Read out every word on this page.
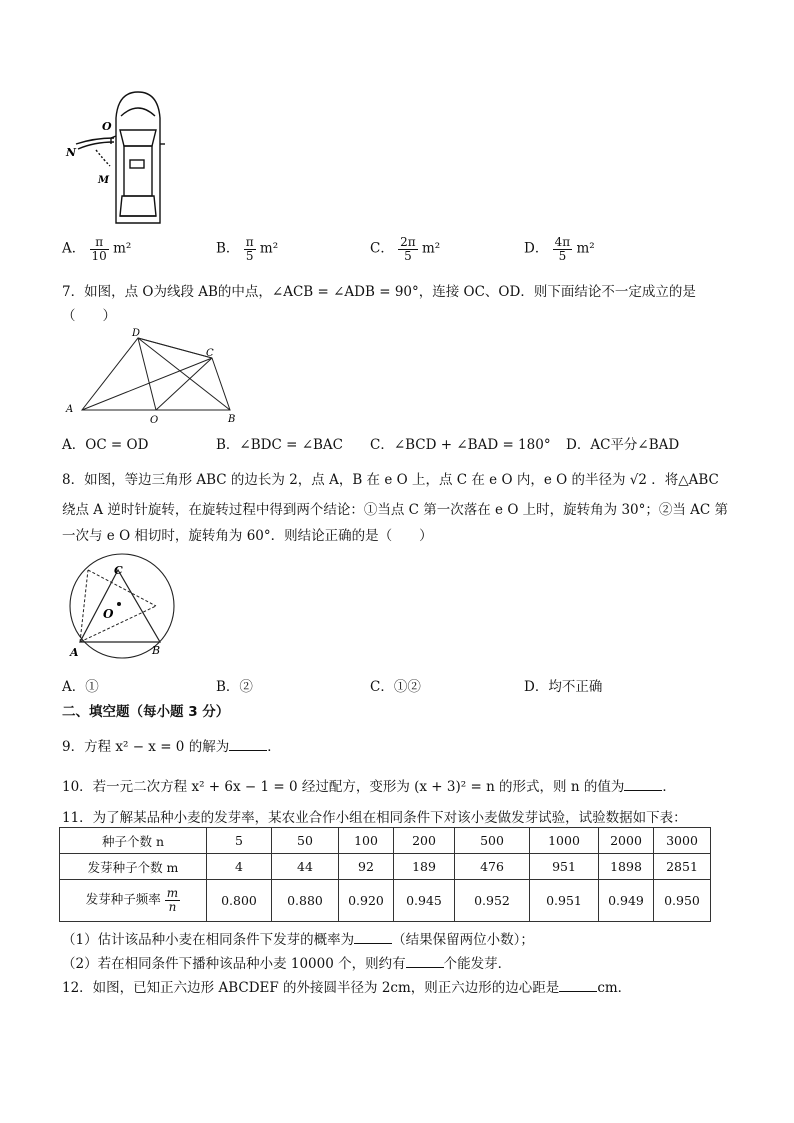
O
N
M
A． $\frac{\pi}{10} m^2$	B． $\frac{\pi}{5} m^2$	C． $\frac{2\pi}{5} m^2$	D． $\frac{4\pi}{5} m^2$
7．如图，点 O为线段 AB的中点，∠ACB = ∠ADB = 90°，连接 OC、OD．则下面结论不一定成立的是
（　　）
A
B
C
D
O
A．OC = OD	B．∠BDC = ∠BAC C．∠BCD + ∠BAD = 180° D．AC平分∠BAD
8．如图，等边三角形 ABC 的边长为 2，点 A，B 在 e O 上，点 C 在 e O 内，e O 的半径为 √2 ．将△ABC
绕点 A 逆时针旋转，在旋转过程中得到两个结论：①当点 C 第一次落在 e O 上时，旋转角为 30°；②当 AC 第
一次与 e O 相切时，旋转角为 60°．则结论正确的是（　　）
A	B
C
O
A．①	B．②	C．①②	D．均不正确
二、填空题（每小题 3 分）
9．方程 x² − x = 0 的解为	．
10．若一元二次方程 x² + 6x − 1 = 0 经过配方，变形为 (x + 3)² = n 的形式，则 n 的值为	．
11．为了解某品种小麦的发芽率，某农业合作小组在相同条件下对该小麦做发芽试验，试验数据如下表：
种子个数 n	5	50	100	200	500	1000	2000	3000
发芽种子个数 m	4	44	92	189	476	951	1898	2851
发芽种子频率 $\frac{m}{n}$	0.800	0.880	0.920	0.945	0.952	0.951	0.949	0.950
（1）估计该品种小麦在相同条件下发芽的概率为	（结果保留两位小数）；
（2）若在相同条件下播种该品种小麦 10000 个，则约有	个能发芽．
12．如图，已知正六边形 ABCDEF 的外接圆半径为 2cm，则正六边形的边心距是	cm．
